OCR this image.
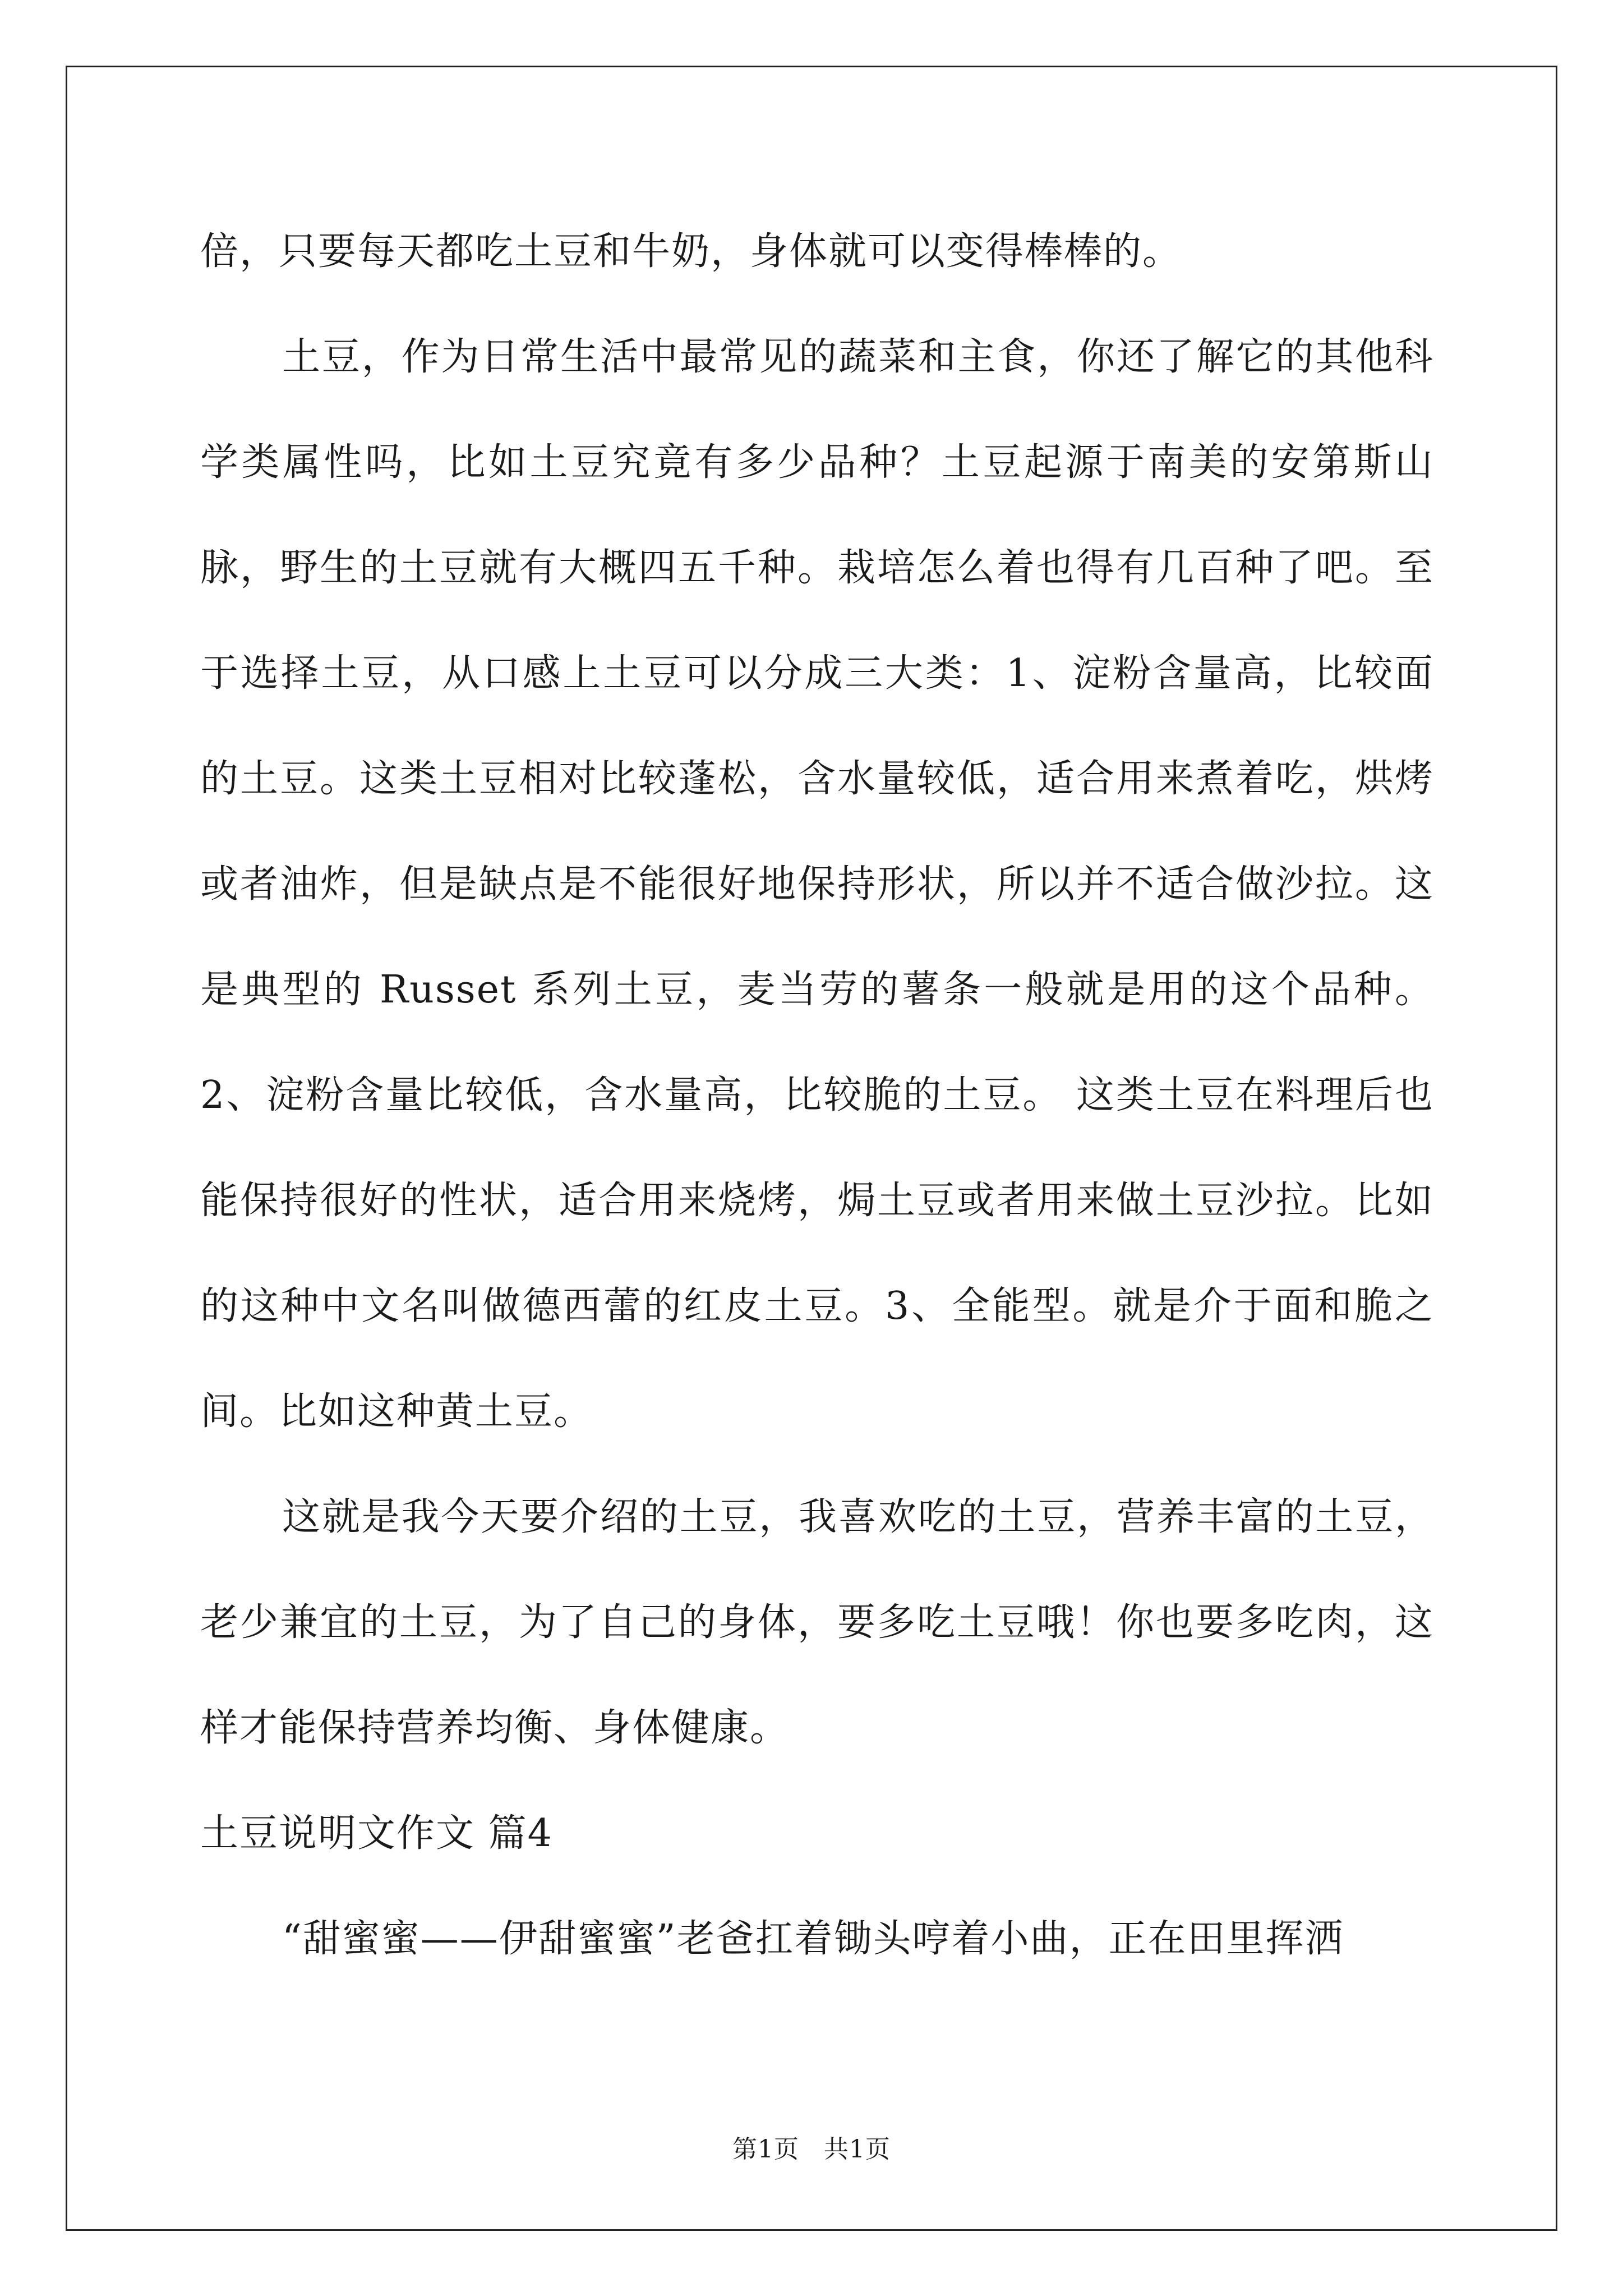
倍，只要每天都吃土豆和牛奶，身体就可以变得棒棒的。

土豆，作为日常生活中最常见的蔬菜和主食，你还了解它的其他科学类属性吗，比如土豆究竟有多少品种？土豆起源于南美的安第斯山脉，野生的土豆就有大概四五千种。栽培怎么着也得有几百种了吧。至于选择土豆，从口感上土豆可以分成三大类：1、淀粉含量高，比较面的土豆。这类土豆相对比较蓬松，含水量较低，适合用来煮着吃，烘烤或者油炸，但是缺点是不能很好地保持形状，所以并不适合做沙拉。这是典型的 Russet 系列土豆，麦当劳的薯条一般就是用的这个品种。2、淀粉含量比较低，含水量高，比较脆的土豆。 这类土豆在料理后也能保持很好的性状，适合用来烧烤，焗土豆或者用来做土豆沙拉。比如的这种中文名叫做德西蕾的红皮土豆。3、全能型。就是介于面和脆之间。比如这种黄土豆。

这就是我今天要介绍的土豆，我喜欢吃的土豆，营养丰富的土豆，老少兼宜的土豆，为了自己的身体，要多吃土豆哦！你也要多吃肉，这样才能保持营养均衡、身体健康。

土豆说明文作文 篇4

“甜蜜蜜——伊甜蜜蜜”老爸扛着锄头哼着小曲，正在田里挥洒

第1页 共1页
